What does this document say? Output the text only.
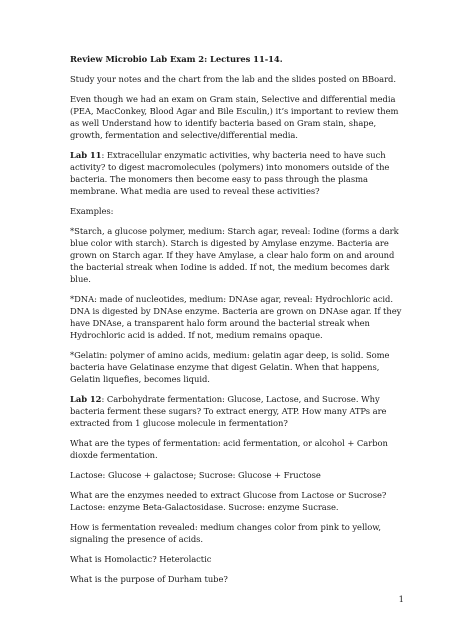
Review Microbio Lab Exam 2: Lectures 11-14.

Study your notes and the chart from the lab and the slides posted on BBoard.

Even though we had an exam on Gram stain, Selective and differential media (PEA, MacConkey, Blood Agar and Bile Esculin,) it’s important to review them as well Understand how to identify bacteria based on Gram stain, shape, growth, fermentation and selective/differential media.

Lab 11: Extracellular enzymatic activities, why bacteria need to have such activity? to digest macromolecules (polymers) into monomers outside of the bacteria. The monomers then become easy to pass through the plasma membrane. What media are used to reveal these activities?

Examples:

*Starch, a glucose polymer, medium: Starch agar, reveal: Iodine (forms a dark blue color with starch). Starch is digested by Amylase enzyme. Bacteria are grown on Starch agar. If they have Amylase, a clear halo form on and around the bacterial streak when Iodine is added. If not, the medium becomes dark blue.

*DNA: made of nucleotides, medium: DNAse agar, reveal: Hydrochloric acid. DNA is digested by DNAse enzyme. Bacteria are grown on DNAse agar. If they have DNAse, a transparent halo form around the bacterial streak when Hydrochloric acid is added. If not, medium remains opaque.

*Gelatin: polymer of amino acids, medium: gelatin agar deep, is solid. Some bacteria have Gelatinase enzyme that digest Gelatin. When that happens, Gelatin liquefies, becomes liquid.

Lab 12: Carbohydrate fermentation: Glucose, Lactose, and Sucrose. Why bacteria ferment these sugars? To extract energy, ATP. How many ATPs are extracted from 1 glucose molecule in fermentation?

What are the types of fermentation: acid fermentation, or alcohol + Carbon dioxde fermentation.

Lactose: Glucose + galactose; Sucrose: Glucose + Fructose

What are the enzymes needed to extract Glucose from Lactose or Sucrose? Lactose: enzyme Beta-Galactosidase. Sucrose: enzyme Sucrase.

How is fermentation revealed: medium changes color from pink to yellow, signaling the presence of acids.

What is Homolactic? Heterolactic

What is the purpose of Durham tube?

1
